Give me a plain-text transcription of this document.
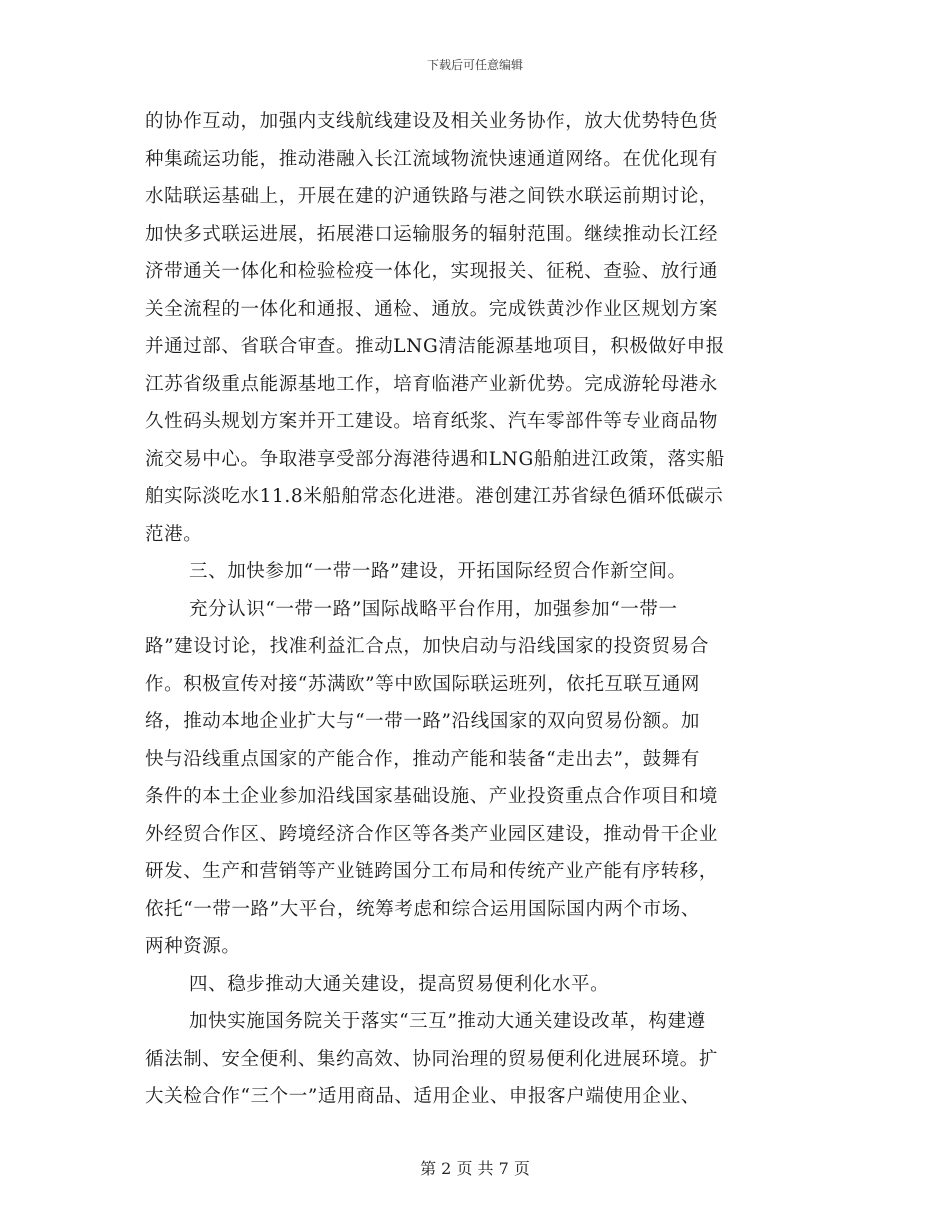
下载后可任意编辑
的协作互动，加强内支线航线建设及相关业务协作，放大优势特色货
种集疏运功能，推动港融入长江流域物流快速通道网络。在优化现有
水陆联运基础上，开展在建的沪通铁路与港之间铁水联运前期讨论，
加快多式联运进展，拓展港口运输服务的辐射范围。继续推动长江经
济带通关一体化和检验检疫一体化，实现报关、征税、查验、放行通
关全流程的一体化和通报、通检、通放。完成铁黄沙作业区规划方案
并通过部、省联合审查。推动LNG清洁能源基地项目，积极做好申报
江苏省级重点能源基地工作，培育临港产业新优势。完成游轮母港永
久性码头规划方案并开工建设。培育纸浆、汽车零部件等专业商品物
流交易中心。争取港享受部分海港待遇和LNG船舶进江政策，落实船
舶实际淡吃水11.8米船舶常态化进港。港创建江苏省绿色循环低碳示
范港。
三、加快参加“一带一路”建设，开拓国际经贸合作新空间。
充分认识“一带一路”国际战略平台作用，加强参加“一带一
路”建设讨论，找准利益汇合点，加快启动与沿线国家的投资贸易合
作。积极宣传对接“苏满欧”等中欧国际联运班列，依托互联互通网
络，推动本地企业扩大与“一带一路”沿线国家的双向贸易份额。加
快与沿线重点国家的产能合作，推动产能和装备“走出去”，鼓舞有
条件的本土企业参加沿线国家基础设施、产业投资重点合作项目和境
外经贸合作区、跨境经济合作区等各类产业园区建设，推动骨干企业
研发、生产和营销等产业链跨国分工布局和传统产业产能有序转移，
依托“一带一路”大平台，统筹考虑和综合运用国际国内两个市场、
两种资源。
四、稳步推动大通关建设，提高贸易便利化水平。
加快实施国务院关于落实“三互”推动大通关建设改革，构建遵
循法制、安全便利、集约高效、协同治理的贸易便利化进展环境。扩
大关检合作“三个一”适用商品、适用企业、申报客户端使用企业、
第 2 页 共 7 页
